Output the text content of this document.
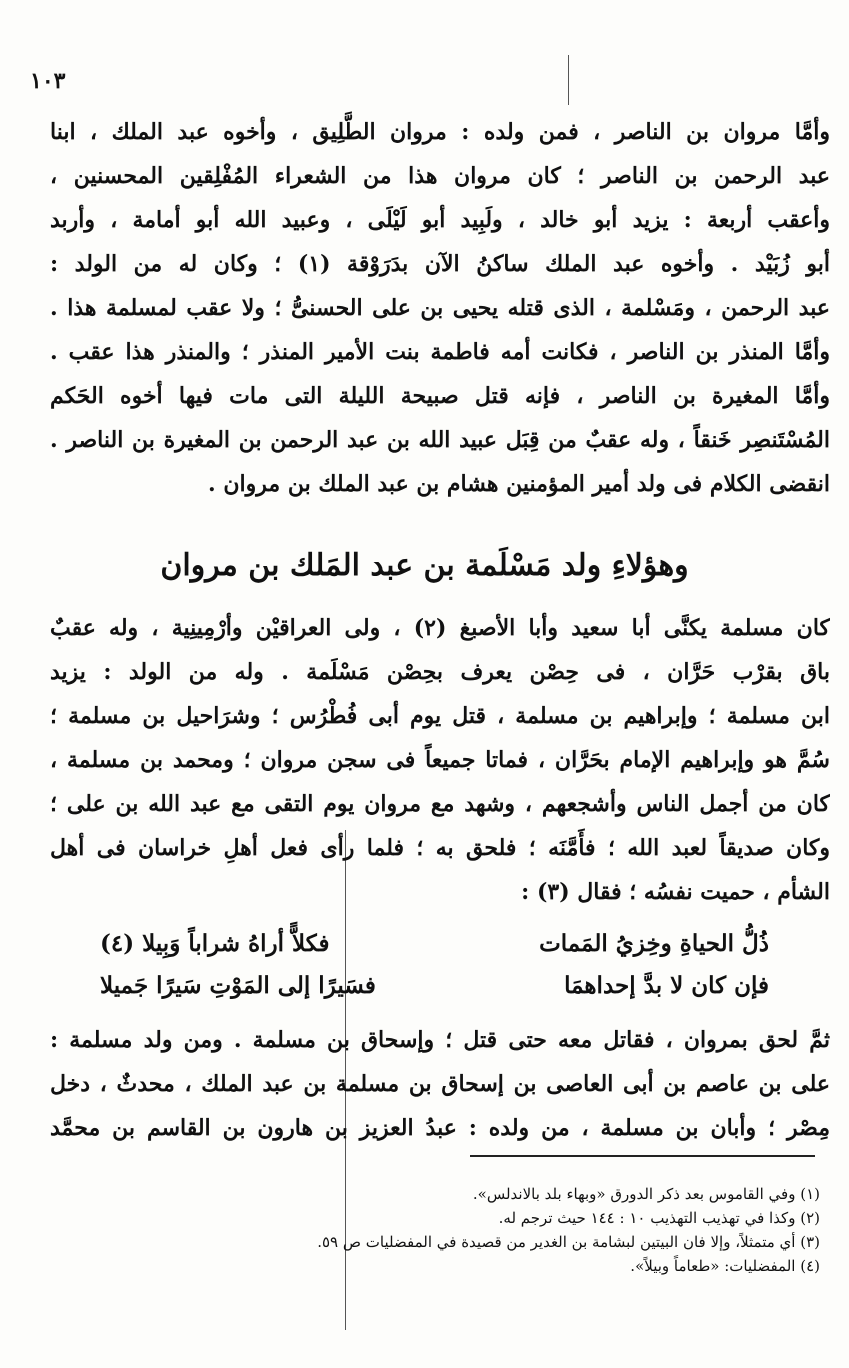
١٠٣
وأمَّا مروان بن الناصر ، فمن ولده : مروان الطَّلِيق ، وأخوه عبد الملك ، ابنا
عبد الرحمن بن الناصر ؛ كان مروان هذا من الشعراء المُفْلِقين المحسنين ،
وأعقب أربعة : يزيد أبو خالد ، ولَبِيد أبو لَيْلَى ، وعبيد الله أبو أمامة ، وأربد
أبو زُبَيْد . وأخوه عبد الملك ساكنُ الآن بدَرَوْقة (١) ؛ وكان له من الولد :
عبد الرحمن ، ومَسْلمة ، الذى قتله يحيى بن على الحسنىُّ ؛ ولا عقب لمسلمة هذا .
وأمَّا المنذر بن الناصر ، فكانت أمه فاطمة بنت الأمير المنذر ؛ والمنذر هذا عقب .
وأمَّا المغيرة بن الناصر ، فإنه قتل صبيحة الليلة التى مات فيها أخوه الحَكم
المُسْتَنصِر خَنقاً ، وله عقبٌ من قِبَل عبيد الله بن عبد الرحمن بن المغيرة بن الناصر .
انقضى الكلام فى ولد أمير المؤمنين هشام بن عبد الملك بن مروان .
وهؤلاءِ ولد مَسْلَمة بن عبد المَلك بن مروان
كان مسلمة يكنَّى أبا سعيد وأبا الأصبغ (٢) ، ولى العراقيْن وأرْمِينِية ، وله عقبٌ
باق بقرْب حَرَّان ، فى حِصْن يعرف بحِصْن مَسْلَمة . وله من الولد : يزيد
ابن مسلمة ؛ وإبراهيم بن مسلمة ، قتل يوم أبى فُطْرُس ؛ وشرَاحيل بن مسلمة ؛
سُمَّ هو وإبراهيم الإمام بحَرَّان ، فماتا جميعاً فى سجن مروان ؛ ومحمد بن مسلمة ،
كان من أجمل الناس وأشجعهم ، وشهد مع مروان يوم التقى مع عبد الله بن على ؛
وكان صديقاً لعبد الله ؛ فأَمَّنَه ؛ فلحق به ؛ فلما رأى فعل أهلِ خراسان فى أهل
الشأم ، حميت نفسُه ؛ فقال (٣) :
ذُلُّ الحياةِ وخِزيُ المَمات
فكلاًّ أراهُ شراباً وَبِيلا (٤)
فإن كان لا بدَّ إحداهمَا
فسَيرًا إلى المَوْتِ سَيرًا جَميلا
ثمَّ لحق بمروان ، فقاتل معه حتى قتل ؛ وإسحاق بن مسلمة . ومن ولد مسلمة :
على بن عاصم بن أبى العاصى بن إسحاق بن مسلمة بن عبد الملك ، محدثٌ ، دخل
مِصْر ؛ وأبان بن مسلمة ، من ولده : عبدُ العزيز بن هارون بن القاسم بن محمَّد
(١) وفي القاموس بعد ذكر الدورق «وبهاء بلد بالاندلس».
(٢) وكذا في تهذيب التهذيب ١٠ : ١٤٤ حيث ترجم له.
(٣) أي متمثلاً، وإلا فان البيتين لبشامة بن الغدير من قصيدة في المفضليات ص ٥٩.
(٤) المفضليات: «طعاماً وبيلاً».
